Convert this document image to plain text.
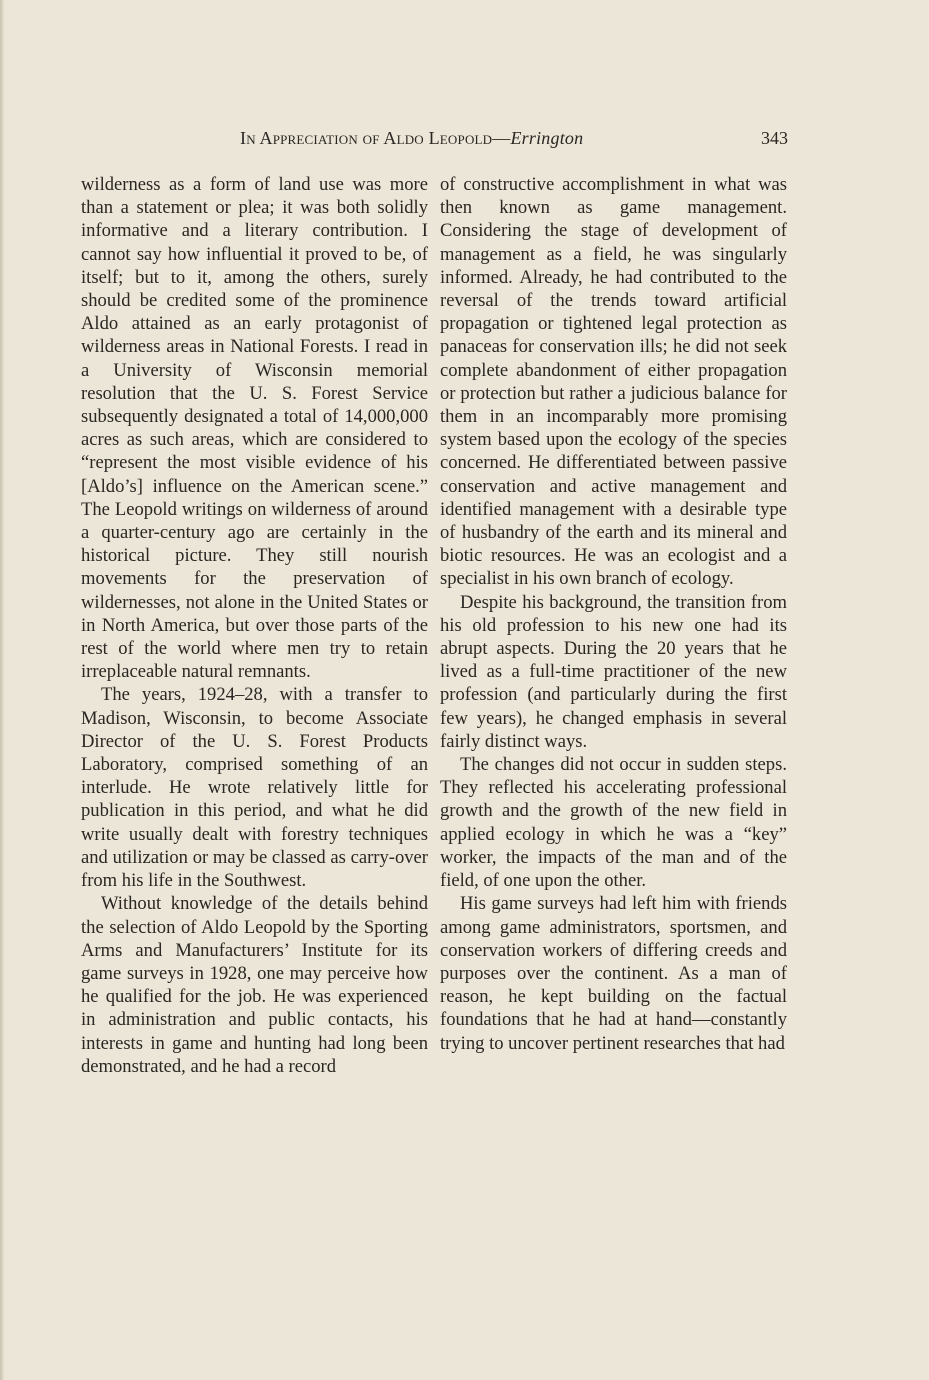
In Appreciation of Aldo Leopold—Errington	343

wilderness as a form of land use was more than a statement or plea; it was both solidly informative and a literary contribution. I cannot say how influential it proved to be, of itself; but to it, among the others, surely should be credited some of the prominence Aldo attained as an early protagonist of wilderness areas in National Forests. I read in a University of Wisconsin memorial resolution that the U. S. Forest Service subsequently designated a total of 14,000,000 acres as such areas, which are considered to “represent the most visible evidence of his [Aldo’s] influence on the American scene.” The Leopold writings on wilderness of around a quarter-century ago are certainly in the historical picture. They still nourish movements for the preservation of wildernesses, not alone in the United States or in North America, but over those parts of the rest of the world where men try to retain irreplaceable natural remnants.

The years, 1924–28, with a transfer to Madison, Wisconsin, to become Associate Director of the U. S. Forest Products Laboratory, comprised something of an interlude. He wrote relatively little for publication in this period, and what he did write usually dealt with forestry techniques and utilization or may be classed as carry-over from his life in the Southwest.

Without knowledge of the details behind the selection of Aldo Leopold by the Sporting Arms and Manufacturers’ Institute for its game surveys in 1928, one may perceive how he qualified for the job. He was experienced in administration and public contacts, his interests in game and hunting had long been demonstrated, and he had a record

of constructive accomplishment in what was then known as game management. Considering the stage of development of management as a field, he was singularly informed. Already, he had contributed to the reversal of the trends toward artificial propagation or tightened legal protection as panaceas for conservation ills; he did not seek complete abandonment of either propagation or protection but rather a judicious balance for them in an incomparably more promising system based upon the ecology of the species concerned. He differentiated between passive conservation and active management and identified management with a desirable type of husbandry of the earth and its mineral and biotic resources. He was an ecologist and a specialist in his own branch of ecology.

Despite his background, the transition from his old profession to his new one had its abrupt aspects. During the 20 years that he lived as a full-time practitioner of the new profession (and particularly during the first few years), he changed emphasis in several fairly distinct ways.

The changes did not occur in sudden steps. They reflected his accelerating professional growth and the growth of the new field in applied ecology in which he was a “key” worker, the impacts of the man and of the field, of one upon the other.

His game surveys had left him with friends among game administrators, sportsmen, and conservation workers of differing creeds and purposes over the continent. As a man of reason, he kept building on the factual foundations that he had at hand—constantly trying to uncover pertinent researches that had
